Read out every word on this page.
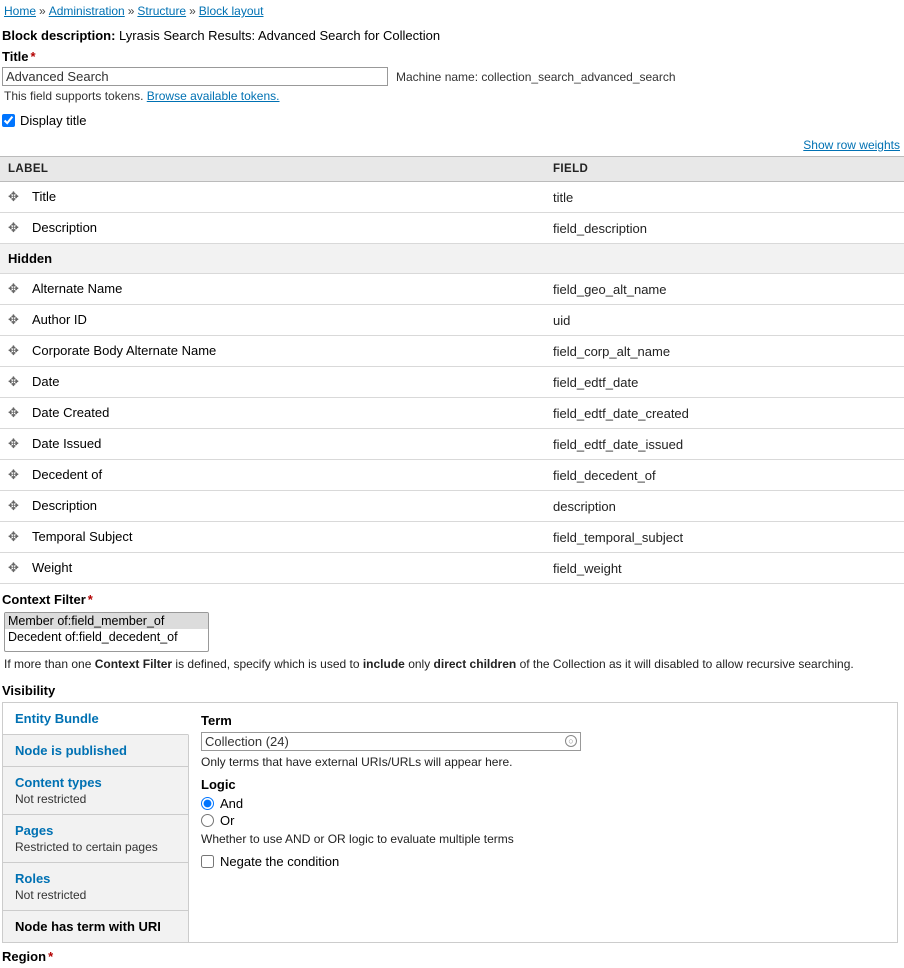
Home » Administration » Structure » Block layout
Block description: Lyrasis Search Results: Advanced Search for Collection
Title *
Advanced Search
Machine name: collection_search_advanced_search
This field supports tokens. Browse available tokens.
Display title
Show row weights
LABEL	FIELD
✥ Title	title
✥ Description	field_description
Hidden	
✥ Alternate Name	field_geo_alt_name
✥ Author ID	uid
✥ Corporate Body Alternate Name	field_corp_alt_name
✥ Date	field_edtf_date
✥ Date Created	field_edtf_date_created
✥ Date Issued	field_edtf_date_issued
✥ Decedent of	field_decedent_of
✥ Description	description
✥ Temporal Subject	field_temporal_subject
✥ Weight	field_weight
Context Filter *
Member of:field_member_of
If more than one Context Filter is defined, specify which is used to include only direct children of the Collection as it will disabled to allow recursive searching.
Visibility
Entity Bundle
Node is published
Content types
Not restricted
Pages
Restricted to certain pages
Roles
Not restricted
Node has term with URI
Term
Collection (24)
○
Only terms that have external URIs/URLs will appear here.
Logic
And
Or
Whether to use AND or OR logic to evaluate multiple terms
Negate the condition
Region *
